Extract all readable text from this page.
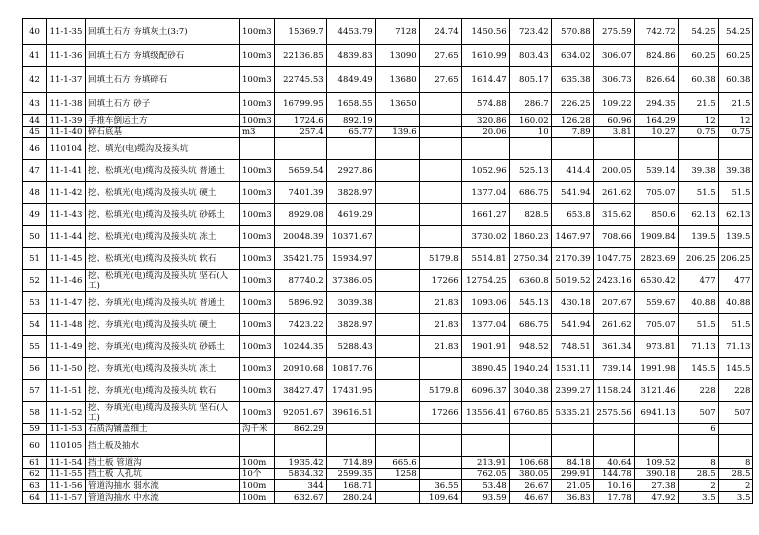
40	11-1-35	回填土石方 夯填灰土(3:7)	100m3	15369.7	4453.79	7128	24.74	1450.56	723.42	570.88	275.59	742.72	54.25	54.25
41	11-1-36	回填土石方 夯填级配砂石	100m3	22136.85	4839.83	13090	27.65	1610.99	803.43	634.02	306.07	824.86	60.25	60.25
42	11-1-37	回填土石方 夯填碎石	100m3	22745.53	4849.49	13680	27.65	1614.47	805.17	635.38	306.73	826.64	60.38	60.38
43	11-1-38	回填土石方 砂子	100m3	16799.95	1658.55	13650		574.88	286.7	226.25	109.22	294.35	21.5	21.5
44	11-1-39	手推车倒运土方	100m3	1724.6	892.19			320.86	160.02	126.28	60.96	164.29	12	12
45	11-1-40	碎石底基	m3	257.4	65.77	139.6		20.06	10	7.89	3.81	10.27	0.75	0.75
46	110104	挖、填光(电)缆沟及接头坑												
47	11-1-41	挖、松填光(电)缆沟及接头坑 普通土	100m3	5659.54	2927.86			1052.96	525.13	414.4	200.05	539.14	39.38	39.38
48	11-1-42	挖、松填光(电)缆沟及接头坑 硬土	100m3	7401.39	3828.97			1377.04	686.75	541.94	261.62	705.07	51.5	51.5
49	11-1-43	挖、松填光(电)缆沟及接头坑 砂砾土	100m3	8929.08	4619.29			1661.27	828.5	653.8	315.62	850.6	62.13	62.13
50	11-1-44	挖、松填光(电)缆沟及接头坑 冻土	100m3	20048.39	10371.67			3730.02	1860.23	1467.97	708.66	1909.84	139.5	139.5
51	11-1-45	挖、松填光(电)缆沟及接头坑 软石	100m3	35421.75	15934.97		5179.8	5514.81	2750.34	2170.39	1047.75	2823.69	206.25	206.25
52	11-1-46	挖、松填光(电)缆沟及接头坑 坚石(人工)	100m3	87740.2	37386.05		17266	12754.25	6360.8	5019.52	2423.16	6530.42	477	477
53	11-1-47	挖、夯填光(电)缆沟及接头坑 普通土	100m3	5896.92	3039.38		21.83	1093.06	545.13	430.18	207.67	559.67	40.88	40.88
54	11-1-48	挖、夯填光(电)缆沟及接头坑 硬土	100m3	7423.22	3828.97		21.83	1377.04	686.75	541.94	261.62	705.07	51.5	51.5
55	11-1-49	挖、夯填光(电)缆沟及接头坑 砂砾土	100m3	10244.35	5288.43		21.83	1901.91	948.52	748.51	361.34	973.81	71.13	71.13
56	11-1-50	挖、夯填光(电)缆沟及接头坑 冻土	100m3	20910.68	10817.76			3890.45	1940.24	1531.11	739.14	1991.98	145.5	145.5
57	11-1-51	挖、夯填光(电)缆沟及接头坑 软石	100m3	38427.47	17431.95		5179.8	6096.37	3040.38	2399.27	1158.24	3121.46	228	228
58	11-1-52	挖、夯填光(电)缆沟及接头坑 坚石(人工)	100m3	92051.67	39616.51		17266	13556.41	6760.85	5335.21	2575.56	6941.13	507	507
59	11-1-53	石质沟铺盖细土	沟千米	862.29									6	
60	110105	挡土板及抽水												
61	11-1-54	挡土板 管道沟	100m	1935.42	714.89	665.6		213.91	106.68	84.18	40.64	109.52	8	8
62	11-1-55	挡土板 人孔坑	10个	5834.32	2599.35	1258		762.05	380.05	299.91	144.78	390.18	28.5	28.5
63	11-1-56	管道沟抽水 弱水流	100m	344	168.71		36.55	53.48	26.67	21.05	10.16	27.38	2	2
64	11-1-57	管道沟抽水 中水流	100m	632.67	280.24		109.64	93.59	46.67	36.83	17.78	47.92	3.5	3.5
